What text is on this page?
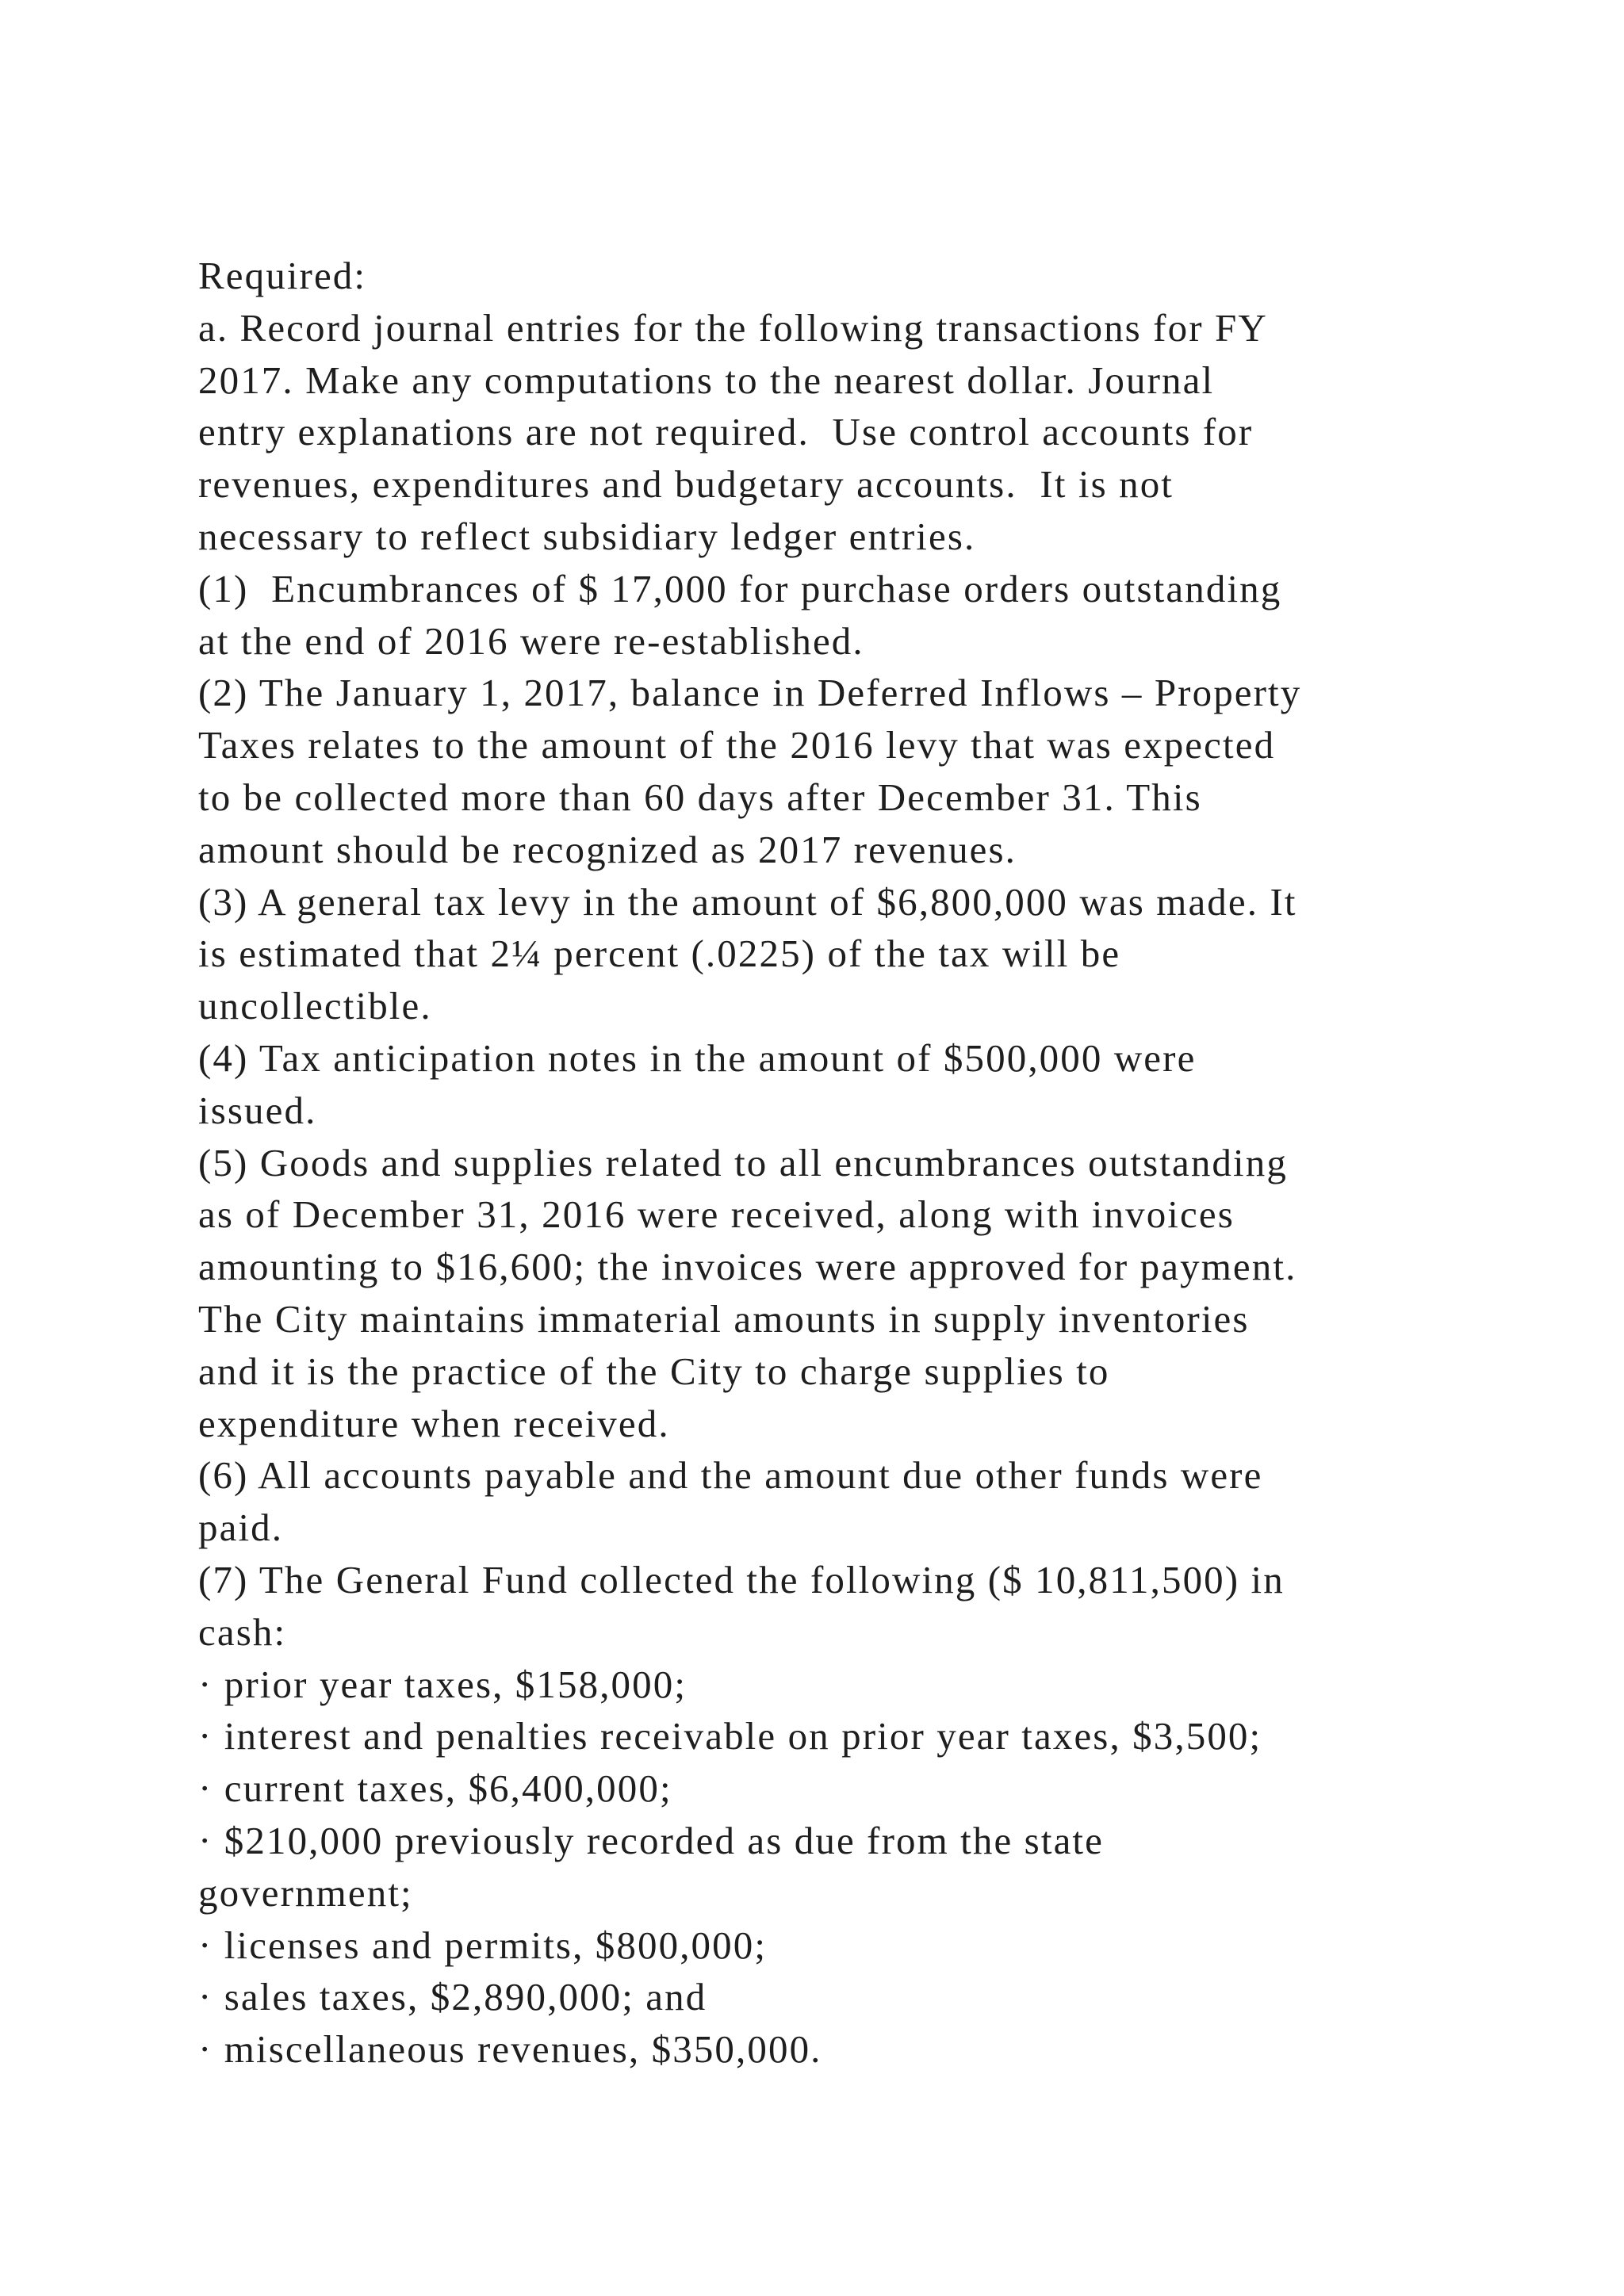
Required:
a. Record journal entries for the following transactions for FY
2017. Make any computations to the nearest dollar. Journal
entry explanations are not required.  Use control accounts for
revenues, expenditures and budgetary accounts.  It is not
necessary to reflect subsidiary ledger entries.
(1)  Encumbrances of $ 17,000 for purchase orders outstanding
at the end of 2016 were re-established.
(2) The January 1, 2017, balance in Deferred Inflows – Property
Taxes relates to the amount of the 2016 levy that was expected
to be collected more than 60 days after December 31. This
amount should be recognized as 2017 revenues.
(3) A general tax levy in the amount of $6,800,000 was made. It
is estimated that 2¼ percent (.0225) of the tax will be
uncollectible.
(4) Tax anticipation notes in the amount of $500,000 were
issued.
(5) Goods and supplies related to all encumbrances outstanding
as of December 31, 2016 were received, along with invoices
amounting to $16,600; the invoices were approved for payment.
The City maintains immaterial amounts in supply inventories
and it is the practice of the City to charge supplies to
expenditure when received.
(6) All accounts payable and the amount due other funds were
paid.
(7) The General Fund collected the following ($ 10,811,500) in
cash:
· prior year taxes, $158,000;
· interest and penalties receivable on prior year taxes, $3,500;
· current taxes, $6,400,000;
· $210,000 previously recorded as due from the state
government;
· licenses and permits, $800,000;
· sales taxes, $2,890,000; and
· miscellaneous revenues, $350,000.
